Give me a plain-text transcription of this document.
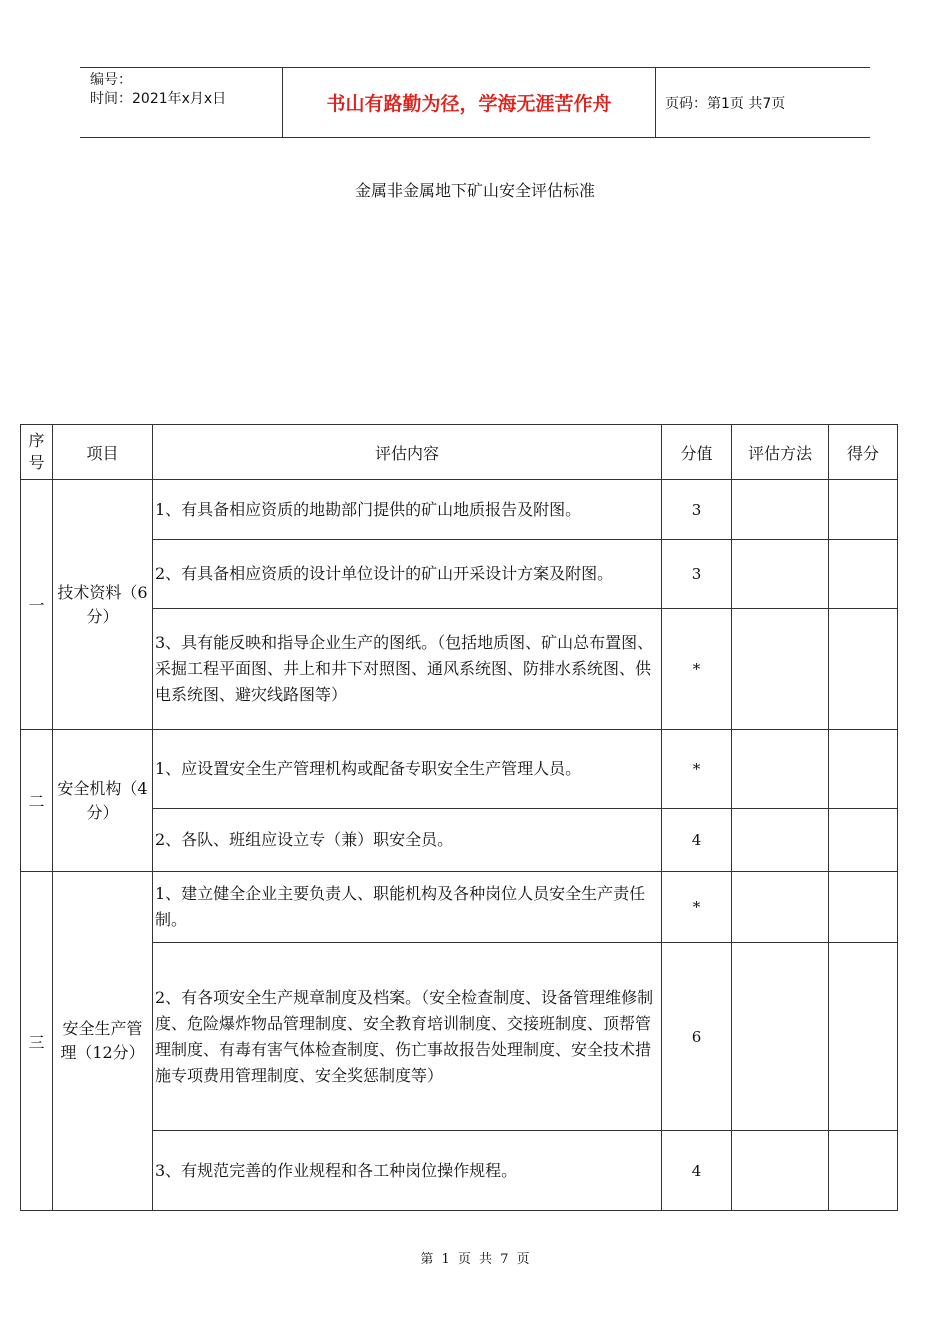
编号：
时间：2021年x月x日	书山有路勤为径，学海无涯苦作舟	页码：第1页 共7页
金属非金属地下矿山安全评估标准
序号	项目	评估内容	分值	评估方法	得分
一	技术资料（6分）	1、有具备相应资质的地勘部门提供的矿山地质报告及附图。	3		
		2、有具备相应资质的设计单位设计的矿山开采设计方案及附图。	3		
		3、具有能反映和指导企业生产的图纸。（包括地质图、矿山总布置图、采掘工程平面图、井上和井下对照图、通风系统图、防排水系统图、供电系统图、避灾线路图等）	*		
二	安全机构（4分）	1、应设置安全生产管理机构或配备专职安全生产管理人员。	*		
		2、各队、班组应设立专（兼）职安全员。	4		
三	安全生产管理（12分）	1、建立健全企业主要负责人、职能机构及各种岗位人员安全生产责任制。	*		
		2、有各项安全生产规章制度及档案。（安全检查制度、设备管理维修制度、危险爆炸物品管理制度、安全教育培训制度、交接班制度、顶帮管理制度、有毒有害气体检查制度、伤亡事故报告处理制度、安全技术措施专项费用管理制度、安全奖惩制度等）	6		
		3、有规范完善的作业规程和各工种岗位操作规程。	4		
第 1 页 共 7 页
